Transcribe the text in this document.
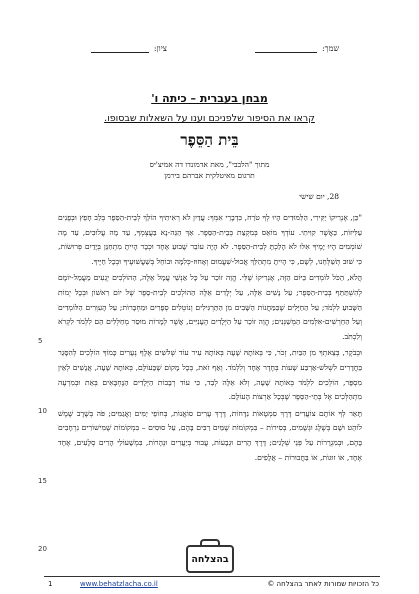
שמך:
ציון:
מבחן בעברית – כיתה ו'
קראו את הסיפור שלפניכם וענו על השאלות שבסופו.
בֵּית הַסֵּפֶר
מתוך "הלבבי", מאת אדמונדו דה אמיצ'יס
תרגום מאיטלקית אברהם בירמן
28, יום שישי

"כֵּן, אֶנְרִיקוֹ יַקִּירִי, הַלִּמּוּדִים הָיוּ לְךָ טֹרַח, כִּדְבָרֵי אִמְּךָ: עֲדַיִן לֹא רְאִיתִיךָ הוֹלֵךְ לְבֵית-הַסֵּפֶר בְּלֵב חָפֵץ וּבְפָנִים עַלִּיזוֹת, כַּאֲשֶׁר קִוִּיתִי. עוֹדְךָ מוֹאֵס בְּמִקְצַת בְּבֵית-הַסֵּפֶר. אַךְ הַגֵּה-נָא בַּעֲצְמְךָ, עַד מָה עֲלוּבִים, עַד מָה שׁוֹמְמִים הָיוּ יָמֶיךָ אִלּוּ לֹא הָלַכְתָּ לְבֵית-הַסֵּפֶר. לֹא הָיָה עוֹבֵר שָׁבוּעַ אֶחָד וּכְבָר הָיִיתָ מִתְחַנֵּן בְּיָדַיִם פְּרוּשׂוֹת, כִּי שׁוּב תְּשַׁלְּחֵנוּ, לְשָׁם, כִּי הָיִיתָ מִתְהַלֵּךְ אֲכוּל-שִׁעֲמוּם וְאָחוּז-כְּלִמָּה וּבוֹחֵל בְּשַׁעֲשׁוּעֶיךָ וּבְכָל חַיֶּיךָ.

הֲלֹא, הַכֹּל לוֹמְדִים כַּיּוֹם הַזֶּה, אֶנְרִיקוֹ שֶׁלִּי. הֱוֵה זוֹכֵר עַל כָּל אַנְשֵׁי עֲמָל אֵלֶּה, הַהוֹלְכִים יְגֵעִים מֵעֲמַל-יוֹמָם לְהִשְׁתַּתֵּף בְּבֵית-הַסֵּפֶר; עַל נָשִׁים אֵלֶּה, עַל יְלָדִים אֵלֶּה הַהוֹלְכִים לְבֵית-סֵפֶר שֶׁל יוֹם רִאשׁוֹן וּבְכָל יְמוֹת הַשָּׁבוּעַ לִלְמֹד; עַל הַחַיָּלִים שֶׁבַּמַּחֲנוֹת הַשָּׁבִים מִן הַתַּרְגִּילִים וְנוֹטְלִים סְפָרִים וּמַחְבָּרוֹת; עַל הָעִוְרִים הַלּוֹמְדִים וְעַל הַחֵרְשִׁים-אִלְּמִים הַמְּשַׁנְּנִים; הֱוֵה זוֹכֵר עַל הַיְּלָדִים הֶעָנִיִּים, אֲשֶׁר לְמָרוֹת מוּסַר מְחַלְּלִים הֵם לִלְמֹד לִקְרֹא וְלִכְתֹּב.

וּבְבֹקֶר, בְּצֵאתְךָ מִן הַבַּיִת, זְכֹר, כִּי בְּאוֹתָהּ שָׁעָה בְּאוֹתָהּ עִיר עוֹד שְׁלשִׁים אֶלֶף נְעָרִים כָּמוֹךָ הוֹלְכִים לְהִסָּגֵר בַּחֲדָרִים לִשְׁלשׁ-אַרְבַּע שָׁעוֹת בְּחֶדֶר אֶחָד וְלִלְמֹד. וְאַף זֹאת, בְּכָל מָקוֹם שֶׁבָּעוֹלָם, בְּאוֹתָהּ שָׁעָה, אֲנָשִׁים לְאֵין מִסְפָּר, הוֹלְכִים לִלְמֹד בְּאוֹתָהּ שָׁעָה, וְלֹא אֵלֶּה לְבַד, כִּי עוֹד רְבָבוֹת הַיְּלָדִים הַנֶּחְבָּאִים בְּאֵת וּבְמִרְעֶה מִתְהַלְּכִים אֶל בְּתֵי-הַסֵּפֶר שֶׁבְּכָל אַרְצוֹת הָעוֹלָם.

תָּאֵר לְךָ אוֹתָם צוֹעֲדִים דֶּרֶךְ סִמְטָאוֹת נִדָּחוֹת, דֶּרֶךְ עָרִים סוֹאֲנוֹת, בְּחוֹפֵי יַמִּים וַאֲגַמִּים; פֹּה בְּשֶׁרֶב שֶׁמֶשׁ לוֹהֵט וּשָׁם בְּשֶׁלֶג וּגְשָׁמִים, בְּסִירוֹת – בִּמְקוֹמוֹת שֶׁמַּיִם רַבִּים בָּהֶם, עַל סוּסִים – בִּמְקוֹמוֹת שֶׁמִּישׁוֹרִים נִרְחָבִים בָּהֶם, וּבְמִגְרָרוֹת עַל פְּנֵי שְׁלָגִים; דֶּרֶךְ הָרִים וּגְבָעוֹת, עֲבוּר בְּיַעֲרִים וּנְהָרוֹת, בִּמְשָׁעוֹלֵי הָרִים סְלָעִים, אֶחָד אֶחָד, אוֹ זוּגוֹת, אוֹ בַּחֲבוּרוֹת – אֲלָפִים.

5
10
15
20
בהצלחה
כל הזכויות שמורות לאתר בהצלחה ©
www.behatzlacha.co.il
1
